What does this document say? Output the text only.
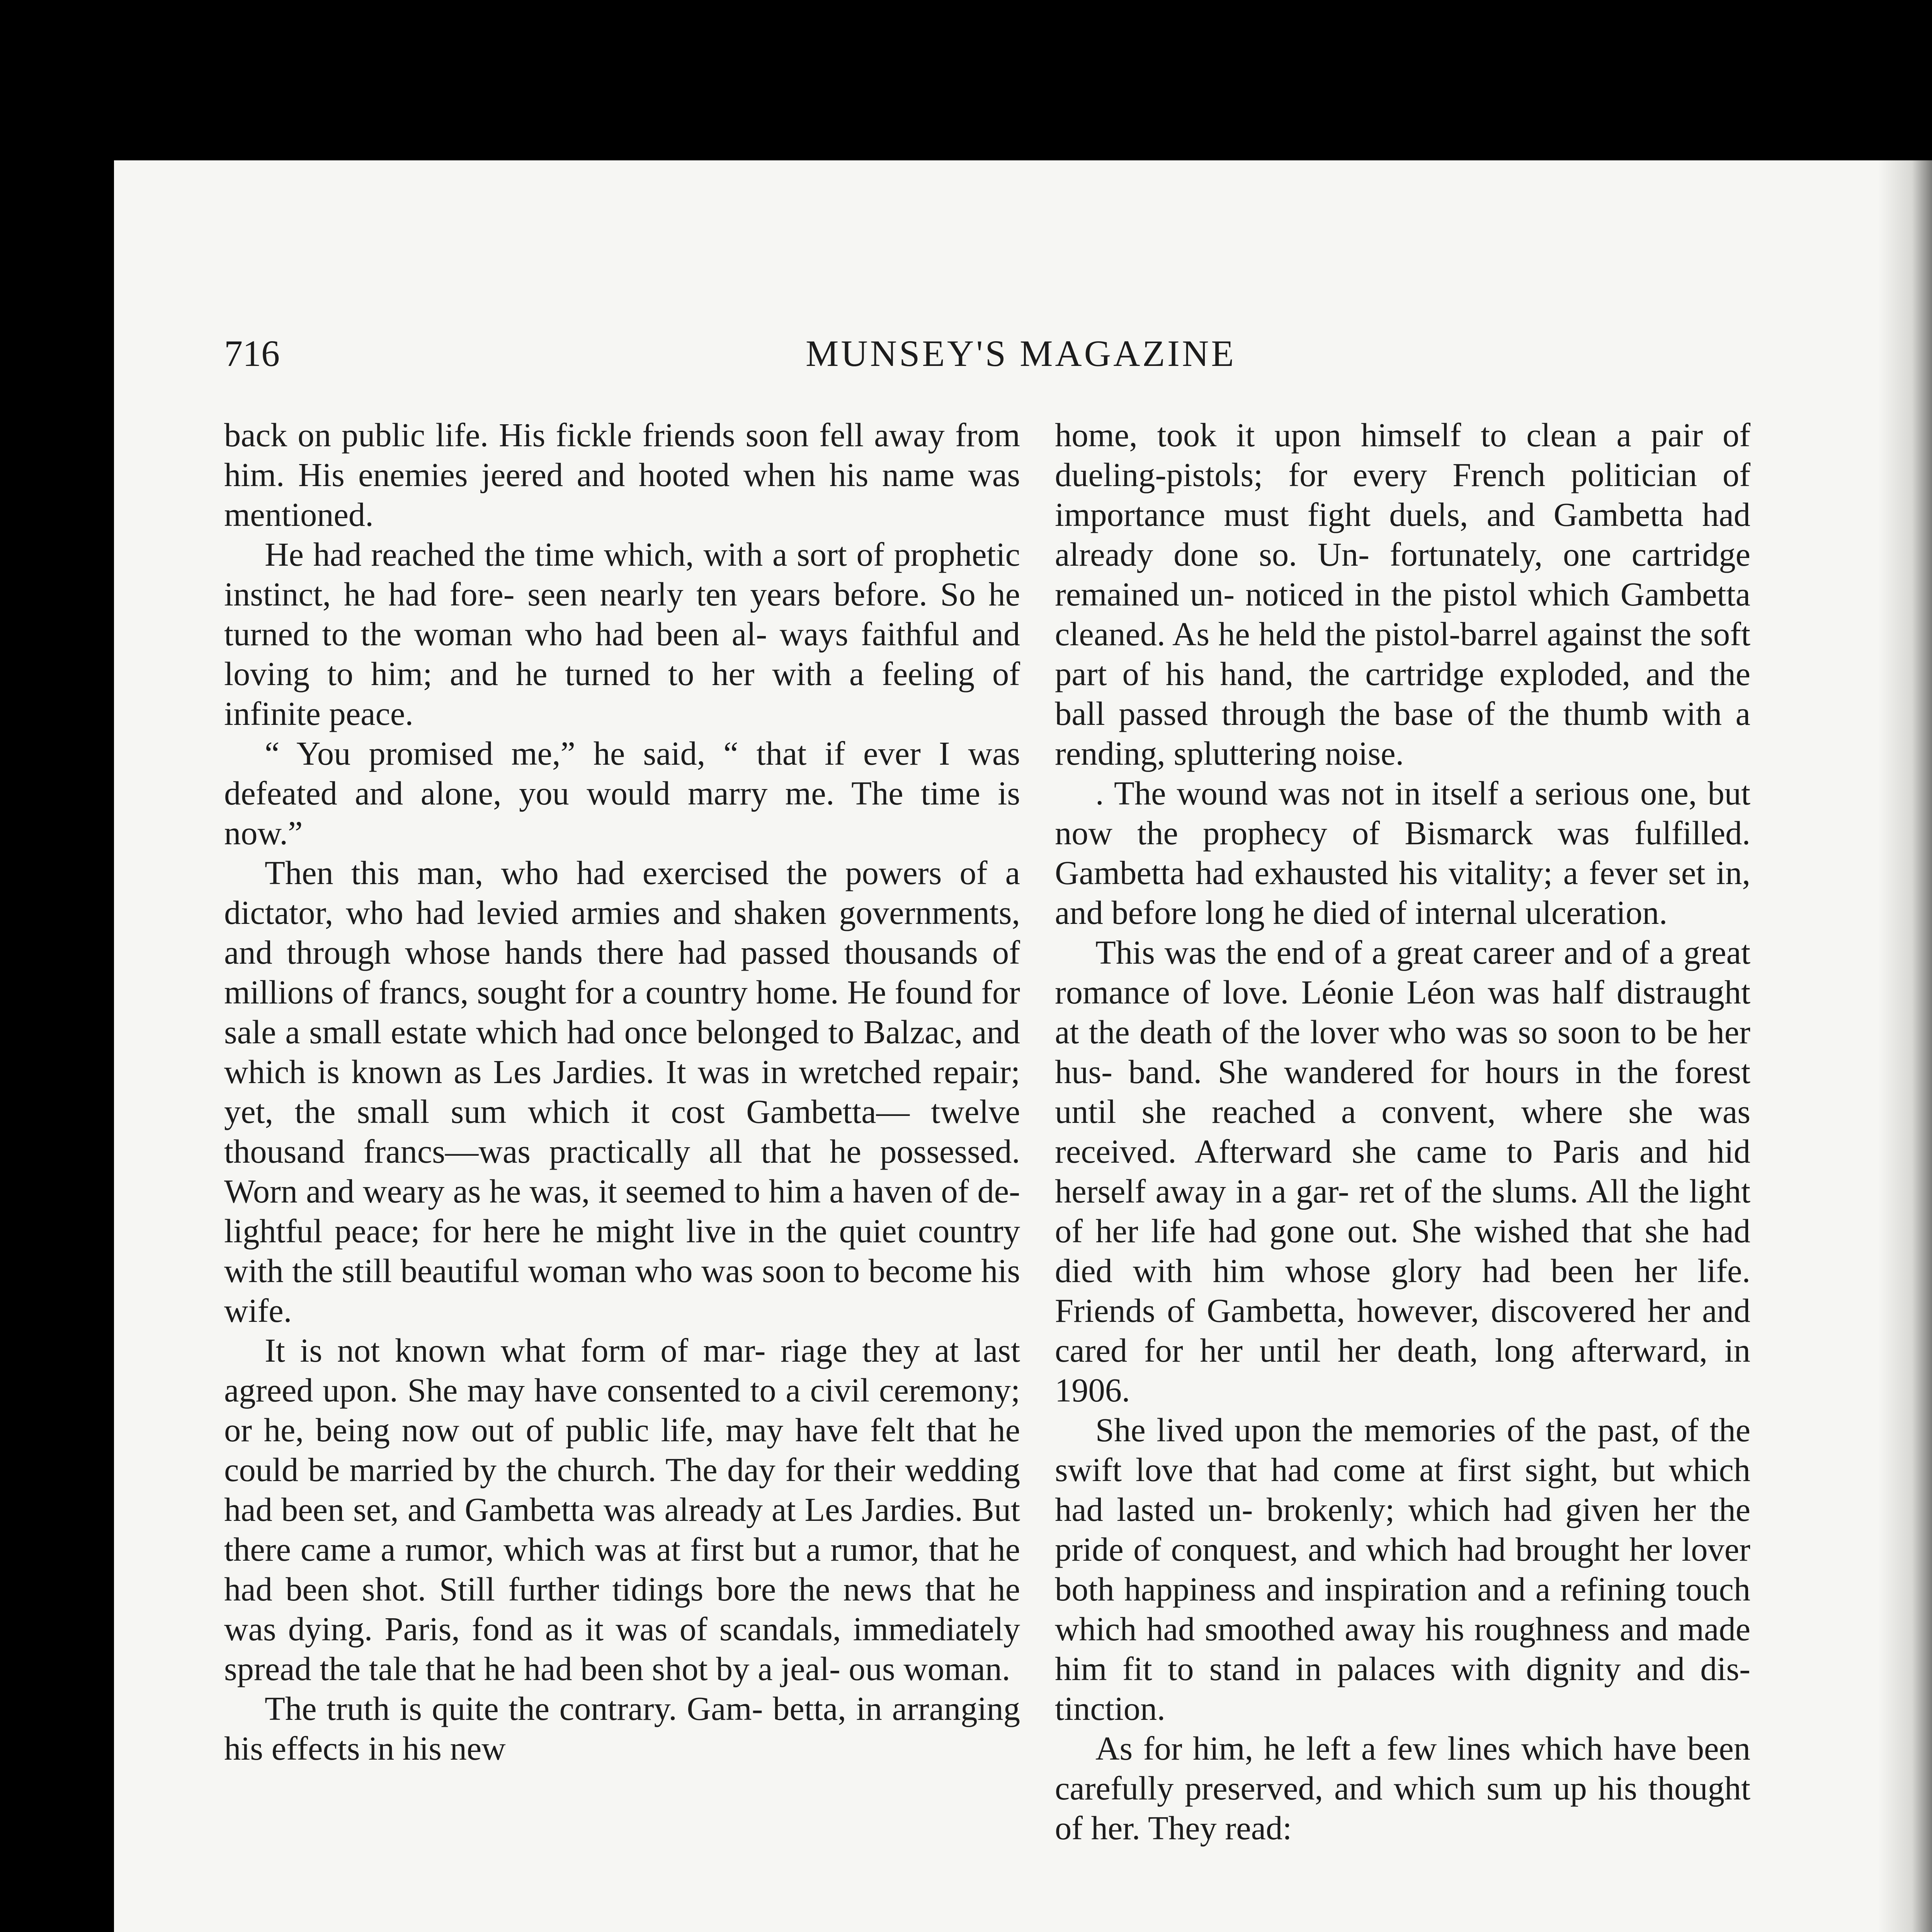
716	MUNSEY'S MAGAZINE

back on public life. His fickle friends soon fell away from him. His enemies jeered and hooted when his name was mentioned.

He had reached the time which, with a sort of prophetic instinct, he had fore- seen nearly ten years before. So he turned to the woman who had been al- ways faithful and loving to him; and he turned to her with a feeling of infinite peace.

“ You promised me,” he said, “ that if ever I was defeated and alone, you would marry me. The time is now.”

Then this man, who had exercised the powers of a dictator, who had levied armies and shaken governments, and through whose hands there had passed thousands of millions of francs, sought for a country home. He found for sale a small estate which had once belonged to Balzac, and which is known as Les Jardies. It was in wretched repair; yet, the small sum which it cost Gambetta— twelve thousand francs—was practically all that he possessed. Worn and weary as he was, it seemed to him a haven of de- lightful peace; for here he might live in the quiet country with the still beautiful woman who was soon to become his wife.

It is not known what form of mar- riage they at last agreed upon. She may have consented to a civil ceremony; or he, being now out of public life, may have felt that he could be married by the church. The day for their wedding had been set, and Gambetta was already at Les Jardies. But there came a rumor, which was at first but a rumor, that he had been shot. Still further tidings bore the news that he was dying. Paris, fond as it was of scandals, immediately spread the tale that he had been shot by a jeal- ous woman.

The truth is quite the contrary. Gam- betta, in arranging his effects in his new

home, took it upon himself to clean a pair of dueling-pistols; for every French politician of importance must fight duels, and Gambetta had already done so. Un- fortunately, one cartridge remained un- noticed in the pistol which Gambetta cleaned. As he held the pistol-barrel against the soft part of his hand, the cartridge exploded, and the ball passed through the base of the thumb with a rending, spluttering noise.

. The wound was not in itself a serious one, but now the prophecy of Bismarck was fulfilled. Gambetta had exhausted his vitality; a fever set in, and before long he died of internal ulceration.

This was the end of a great career and of a great romance of love. Léonie Léon was half distraught at the death of the lover who was so soon to be her hus- band. She wandered for hours in the forest until she reached a convent, where she was received. Afterward she came to Paris and hid herself away in a gar- ret of the slums. All the light of her life had gone out. She wished that she had died with him whose glory had been her life. Friends of Gambetta, however, discovered her and cared for her until her death, long afterward, in 1906.

She lived upon the memories of the past, of the swift love that had come at first sight, but which had lasted un- brokenly; which had given her the pride of conquest, and which had brought her lover both happiness and inspiration and a refining touch which had smoothed away his roughness and made him fit to stand in palaces with dignity and dis- tinction.

As for him, he left a few lines which have been carefully preserved, and which sum up his thought of her. They read:
